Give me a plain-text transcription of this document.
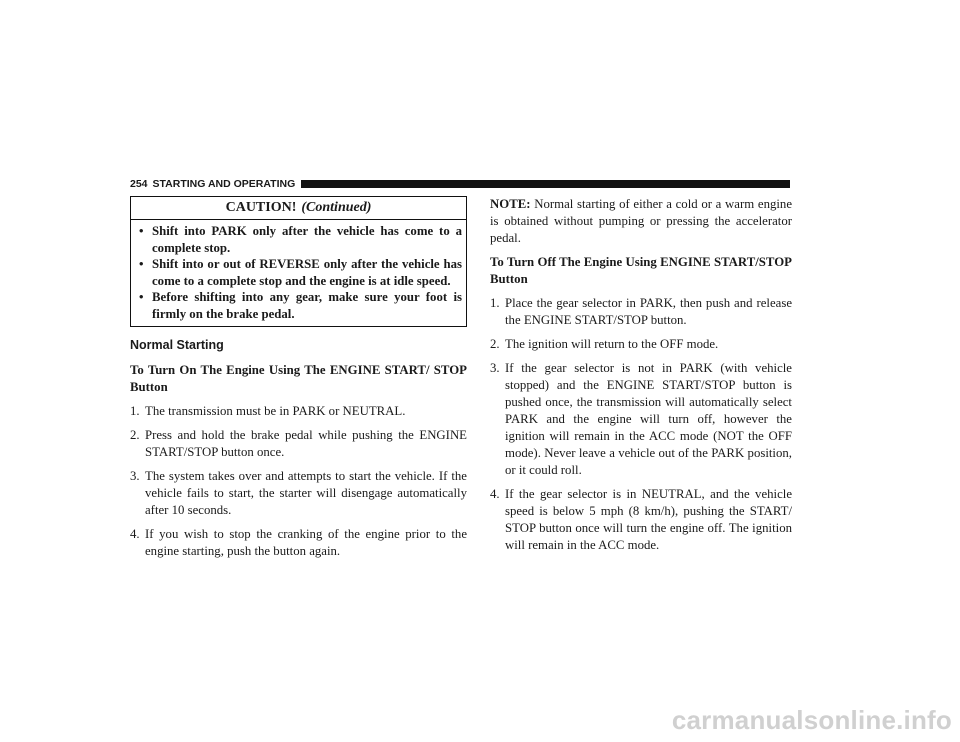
254 STARTING AND OPERATING
CAUTION! (Continued)
• Shift into PARK only after the vehicle has come to a complete stop.
• Shift into or out of REVERSE only after the vehicle has come to a complete stop and the engine is at idle speed.
• Before shifting into any gear, make sure your foot is firmly on the brake pedal.
Normal Starting
To Turn On The Engine Using The ENGINE START/ STOP Button
1. The transmission must be in PARK or NEUTRAL.
2. Press and hold the brake pedal while pushing the ENGINE START/STOP button once.
3. The system takes over and attempts to start the vehicle. If the vehicle fails to start, the starter will disengage automatically after 10 seconds.
4. If you wish to stop the cranking of the engine prior to the engine starting, push the button again.

NOTE: Normal starting of either a cold or a warm engine is obtained without pumping or pressing the accelerator pedal.

To Turn Off The Engine Using ENGINE START/STOP Button
1. Place the gear selector in PARK, then push and release the ENGINE START/STOP button.
2. The ignition will return to the OFF mode.
3. If the gear selector is not in PARK (with vehicle stopped) and the ENGINE START/STOP button is pushed once, the transmission will automatically select PARK and the engine will turn off, however the ignition will remain in the ACC mode (NOT the OFF mode). Never leave a vehicle out of the PARK position, or it could roll.
4. If the gear selector is in NEUTRAL, and the vehicle speed is below 5 mph (8 km/h), pushing the START/ STOP button once will turn the engine off. The ignition will remain in the ACC mode.
carmanualsonline.info
